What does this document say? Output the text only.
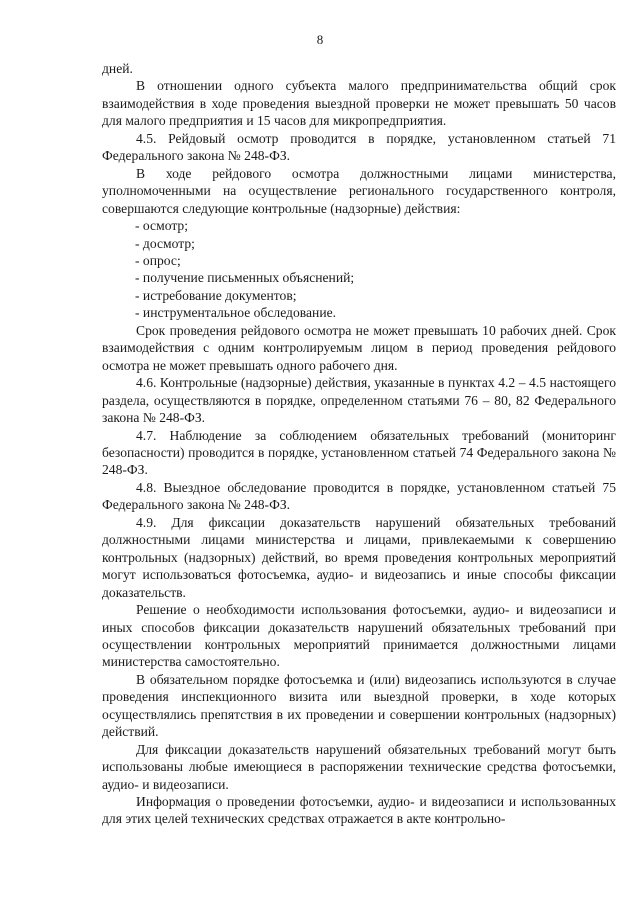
8

дней.

В отношении одного субъекта малого предпринимательства общий срок взаимодействия в ходе проведения выездной проверки не может превышать 50 часов для малого предприятия и 15 часов для микропредприятия.

4.5. Рейдовый осмотр проводится в порядке, установленном статьей 71 Федерального закона № 248-ФЗ.

В ходе рейдового осмотра должностными лицами министерства, уполномоченными на осуществление регионального государственного контроля, совершаются следующие контрольные (надзорные) действия:

- осмотр;

- досмотр;

- опрос;

- получение письменных объяснений;

- истребование документов;

- инструментальное обследование.

Срок проведения рейдового осмотра не может превышать 10 рабочих дней. Срок взаимодействия с одним контролируемым лицом в период проведения рейдового осмотра не может превышать одного рабочего дня.

4.6. Контрольные (надзорные) действия, указанные в пунктах 4.2 – 4.5 настоящего раздела, осуществляются в порядке, определенном статьями 76 – 80, 82 Федерального закона № 248-ФЗ.

4.7. Наблюдение за соблюдением обязательных требований (мониторинг безопасности) проводится в порядке, установленном статьей 74 Федерального закона № 248-ФЗ.

4.8. Выездное обследование проводится в порядке, установленном статьей 75 Федерального закона № 248-ФЗ.

4.9. Для фиксации доказательств нарушений обязательных требований должностными лицами министерства и лицами, привлекаемыми к совершению контрольных (надзорных) действий, во время проведения контрольных мероприятий могут использоваться фотосъемка, аудио- и видеозапись и иные способы фиксации доказательств.

Решение о необходимости использования фотосъемки, аудио- и видеозаписи и иных способов фиксации доказательств нарушений обязательных требований при осуществлении контрольных мероприятий принимается должностными лицами министерства самостоятельно.

В обязательном порядке фотосъемка и (или) видеозапись используются в случае проведения инспекционного визита или выездной проверки, в ходе которых осуществлялись препятствия в их проведении и совершении контрольных (надзорных) действий.

Для фиксации доказательств нарушений обязательных требований могут быть использованы любые имеющиеся в распоряжении технические средства фотосъемки, аудио- и видеозаписи.

Информация о проведении фотосъемки, аудио- и видеозаписи и использованных для этих целей технических средствах отражается в акте контрольно-
